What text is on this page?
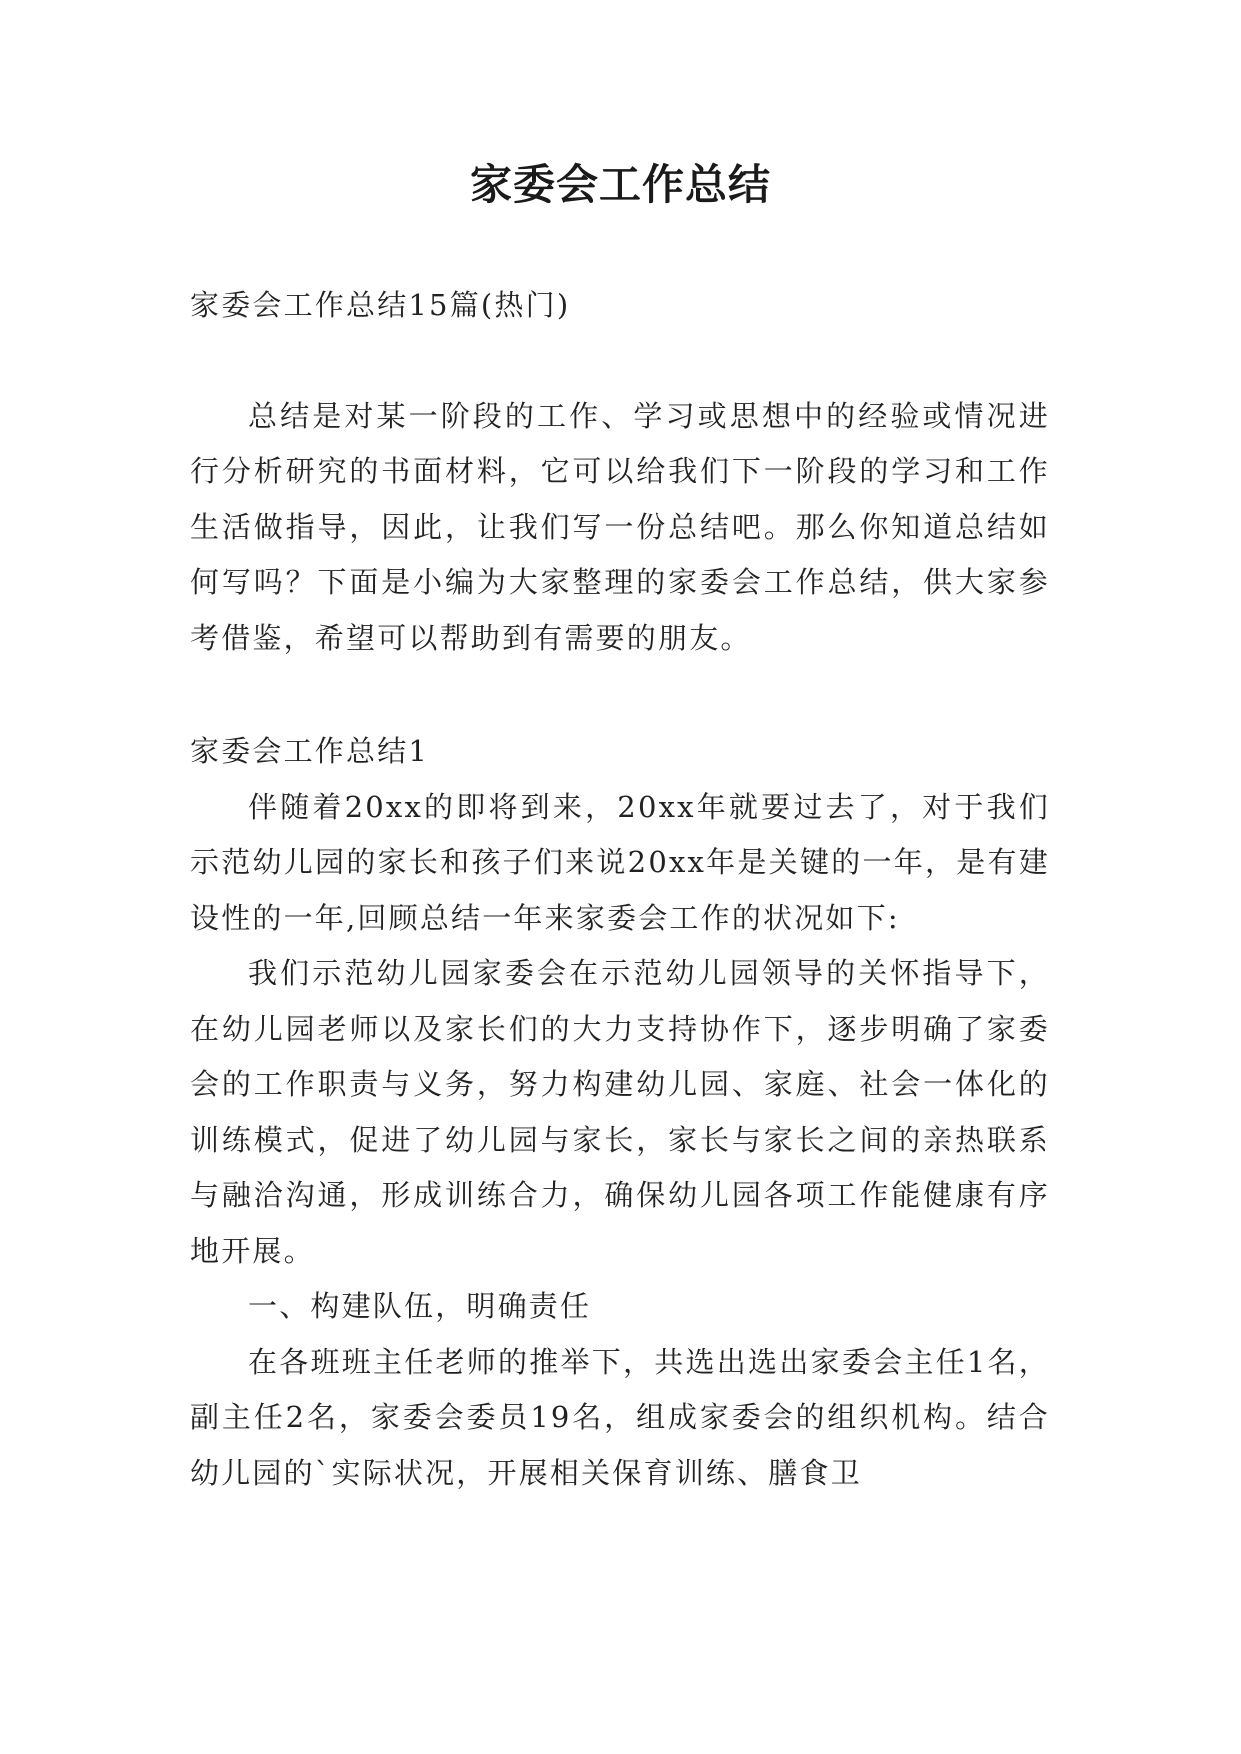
家委会工作总结

家委会工作总结15篇(热门)

总结是对某一阶段的工作、学习或思想中的经验或情况进行分析研究的书面材料，它可以给我们下一阶段的学习和工作生活做指导，因此，让我们写一份总结吧。那么你知道总结如何写吗？下面是小编为大家整理的家委会工作总结，供大家参考借鉴，希望可以帮助到有需要的朋友。

家委会工作总结1

伴随着20xx的即将到来，20xx年就要过去了，对于我们示范幼儿园的家长和孩子们来说20xx年是关键的一年，是有建设性的一年,回顾总结一年来家委会工作的状况如下:

我们示范幼儿园家委会在示范幼儿园领导的关怀指导下，在幼儿园老师以及家长们的大力支持协作下，逐步明确了家委会的工作职责与义务，努力构建幼儿园、家庭、社会一体化的训练模式，促进了幼儿园与家长，家长与家长之间的亲热联系与融洽沟通，形成训练合力，确保幼儿园各项工作能健康有序地开展。

一、构建队伍，明确责任

在各班班主任老师的推举下，共选出选出家委会主任1名，副主任2名，家委会委员19名，组成家委会的组织机构。结合幼儿园的`实际状况，开展相关保育训练、膳食卫
